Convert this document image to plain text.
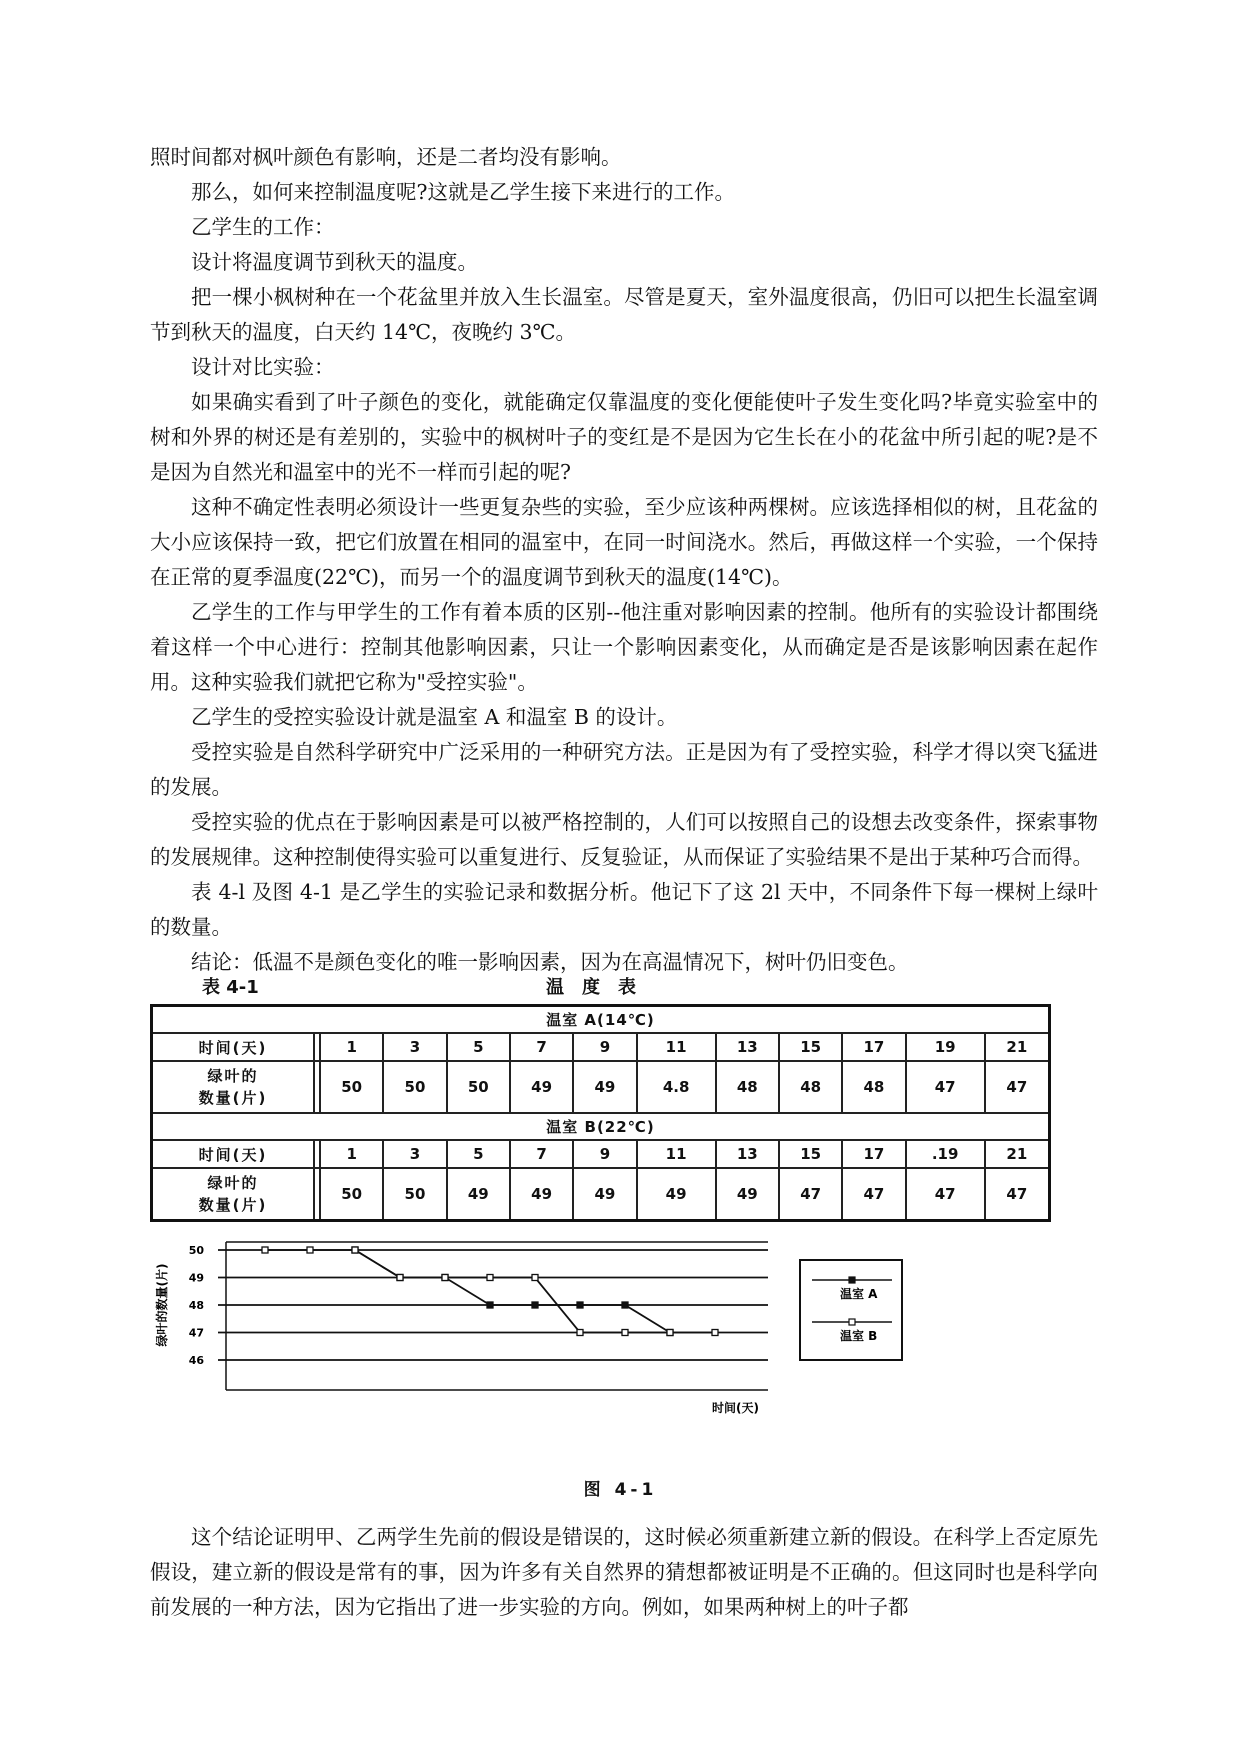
照时间都对枫叶颜色有影响，还是二者均没有影响。

那么，如何来控制温度呢?这就是乙学生接下来进行的工作。

乙学生的工作：

设计将温度调节到秋天的温度。

把一棵小枫树种在一个花盆里并放入生长温室。尽管是夏天，室外温度很高，仍旧可以把生长温室调节到秋天的温度，白天约 14℃，夜晚约 3℃。

设计对比实验：

如果确实看到了叶子颜色的变化，就能确定仅靠温度的变化便能使叶子发生变化吗?毕竟实验室中的树和外界的树还是有差别的，实验中的枫树叶子的变红是不是因为它生长在小的花盆中所引起的呢?是不是因为自然光和温室中的光不一样而引起的呢?

这种不确定性表明必须设计一些更复杂些的实验，至少应该种两棵树。应该选择相似的树，且花盆的大小应该保持一致，把它们放置在相同的温室中，在同一时间浇水。然后，再做这样一个实验，一个保持在正常的夏季温度(22℃)，而另一个的温度调节到秋天的温度(14℃)。

乙学生的工作与甲学生的工作有着本质的区别--他注重对影响因素的控制。他所有的实验设计都围绕着这样一个中心进行：控制其他影响因素，只让一个影响因素变化，从而确定是否是该影响因素在起作用。这种实验我们就把它称为"受控实验"。

乙学生的受控实验设计就是温室 A 和温室 B 的设计。

受控实验是自然科学研究中广泛采用的一种研究方法。正是因为有了受控实验，科学才得以突飞猛进的发展。

受控实验的优点在于影响因素是可以被严格控制的，人们可以按照自己的设想去改变条件，探索事物的发展规律。这种控制使得实验可以重复进行、反复验证，从而保证了实验结果不是出于某种巧合而得。

表 4-l 及图 4-1 是乙学生的实验记录和数据分析。他记下了这 2l 天中，不同条件下每一棵树上绿叶的数量。

结论：低温不是颜色变化的唯一影响因素，因为在高温情况下，树叶仍旧变色。

表 4-1	温度表
温室 A(14℃)												
时间(天)		1	3	5	7	9	11	13	15	17	19	21
绿叶的
数量(片)		50	50	50	49	49	4.8	48	48	48	47	47
温室 B(22℃)												
时间(天)		1	3	5	7	9	11	13	15	17	.19	21
绿叶的
数量(片)		50	50	49	49	49	49	49	47	47	47	47
50
49
48
47
46
绿叶的数量(片)
时间(天)
温室 A
温室 B
图 4-1

这个结论证明甲、乙两学生先前的假设是错误的，这时候必须重新建立新的假设。在科学上否定原先假设，建立新的假设是常有的事，因为许多有关自然界的猜想都被证明是不正确的。但这同时也是科学向前发展的一种方法，因为它指出了进一步实验的方向。例如，如果两种树上的叶子都
